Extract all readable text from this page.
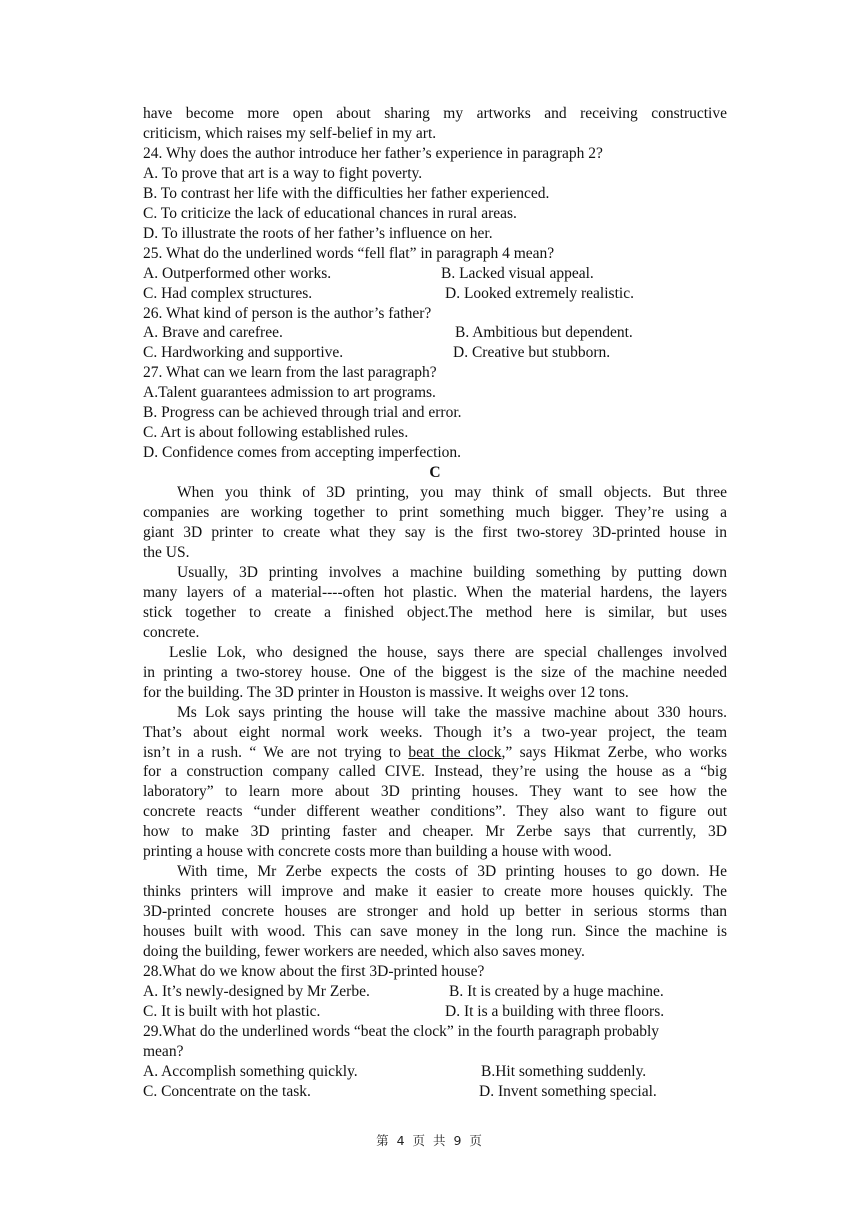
have become more open about sharing my artworks and receiving constructive
criticism, which raises my self-belief in my art.
24. Why does the author introduce her father’s experience in paragraph 2?
A. To prove that art is a way to fight poverty.
B. To contrast her life with the difficulties her father experienced.
C. To criticize the lack of educational chances in rural areas.
D. To illustrate the roots of her father’s influence on her.
25. What do the underlined words “fell flat” in paragraph 4 mean?
A. Outperformed other works.	B. Lacked visual appeal.
C. Had complex structures.	D. Looked extremely realistic.
26. What kind of person is the author’s father?
A. Brave and carefree.	B. Ambitious but dependent.
C. Hardworking and supportive.	D. Creative but stubborn.
27. What can we learn from the last paragraph?
A.Talent guarantees admission to art programs.
B. Progress can be achieved through trial and error.
C. Art is about following established rules.
D. Confidence comes from accepting imperfection.
C
When you think of 3D printing, you may think of small objects. But three
companies are working together to print something much bigger. They’re using a
giant 3D printer to create what they say is the first two-storey 3D-printed house in
the US.
Usually, 3D printing involves a machine building something by putting down
many layers of a material----often hot plastic. When the material hardens, the layers
stick together to create a finished object.The method here is similar, but uses
concrete.
Leslie Lok, who designed the house, says there are special challenges involved
in printing a two-storey house. One of the biggest is the size of the machine needed
for the building. The 3D printer in Houston is massive. It weighs over 12 tons.
Ms Lok says printing the house will take the massive machine about 330 hours.
That’s about eight normal work weeks. Though it’s a two-year project, the team
isn’t in a rush. “ We are not trying to beat the clock,” says Hikmat Zerbe, who works
for a construction company called CIVE. Instead, they’re using the house as a “big
laboratory” to learn more about 3D printing houses. They want to see how the
concrete reacts “under different weather conditions”. They also want to figure out
how to make 3D printing faster and cheaper. Mr Zerbe says that currently, 3D
printing a house with concrete costs more than building a house with wood.
With time, Mr Zerbe expects the costs of 3D printing houses to go down. He
thinks printers will improve and make it easier to create more houses quickly. The
3D-printed concrete houses are stronger and hold up better in serious storms than
houses built with wood. This can save money in the long run. Since the machine is
doing the building, fewer workers are needed, which also saves money.
28.What do we know about the first 3D-printed house?
A. It’s newly-designed by Mr Zerbe.	B. It is created by a huge machine.
C. It is built with hot plastic.	D. It is a building with three floors.
29.What do the underlined words “beat the clock” in the fourth paragraph probably
mean?
A. Accomplish something quickly.	B.Hit something suddenly.
C. Concentrate on the task.	D. Invent something special.
第 4 页 共 9 页
